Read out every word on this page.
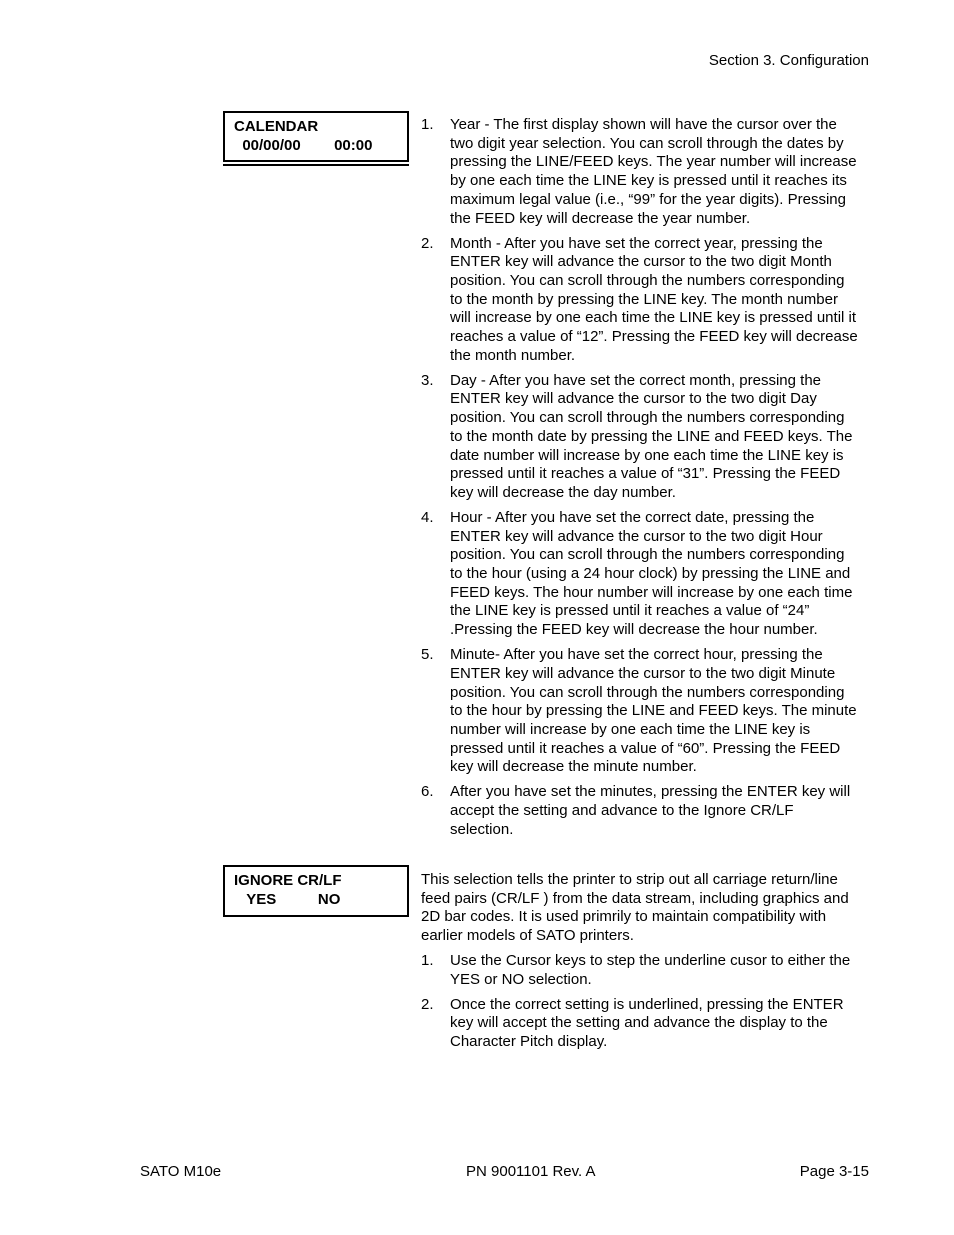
Section 3. Configuration
CALENDAR
00/00/00        00:00
1. Year - The first display shown will have the cursor over the two digit year selection. You can scroll through the dates by pressing the LINE/FEED keys. The year number will increase by one each time the LINE key is pressed until it reaches its maximum legal value (i.e., “99” for the year digits). Pressing the FEED key will decrease the year number.
2. Month - After you have set the correct year, pressing the ENTER key will advance the cursor to the two digit Month position. You can scroll through the numbers corresponding to the month by pressing the LINE key. The month number will increase by one each time the LINE key is pressed until it reaches a value of “12”. Pressing the FEED key will decrease the month number.
3. Day - After you have set the correct month, pressing the ENTER key will advance the cursor to the two digit Day position. You can scroll through the numbers corresponding to the month date by pressing the LINE and FEED keys. The date number will increase by one each time the LINE key is pressed until it reaches a value of “31”. Pressing the FEED key will decrease the day number.
4. Hour - After you have set the correct date, pressing the ENTER key will advance the cursor to the two digit Hour position. You can scroll through the numbers corresponding to the hour (using a 24 hour clock) by pressing the LINE and FEED keys. The hour number will increase by one each time the LINE key is pressed until it reaches a value of “24” .Pressing the FEED key will decrease the hour number.
5. Minute- After you have set the correct hour, pressing the ENTER key will advance the cursor to the two digit Minute position. You can scroll through the numbers corresponding to the hour by pressing the LINE and FEED keys. The minute number will increase by one each time the LINE key is pressed until it reaches a value of “60”. Pressing the FEED key will decrease the minute number.
6. After you have set the minutes, pressing the ENTER key will accept the setting and advance to the Ignore CR/LF selection.
IGNORE CR/LF
YES          NO

This selection tells the printer to strip out all carriage return/line feed pairs (CR/LF ) from the data stream, including graphics and 2D bar codes. It is used primrily to maintain compatibility with earlier models of SATO printers.

1. Use the Cursor keys to step the underline cusor to either the YES or NO selection.
2. Once the correct setting is underlined, pressing the ENTER key will accept the setting and advance the display to the Character Pitch display.
SATO M10e	PN 9001101 Rev. A	Page 3-15
